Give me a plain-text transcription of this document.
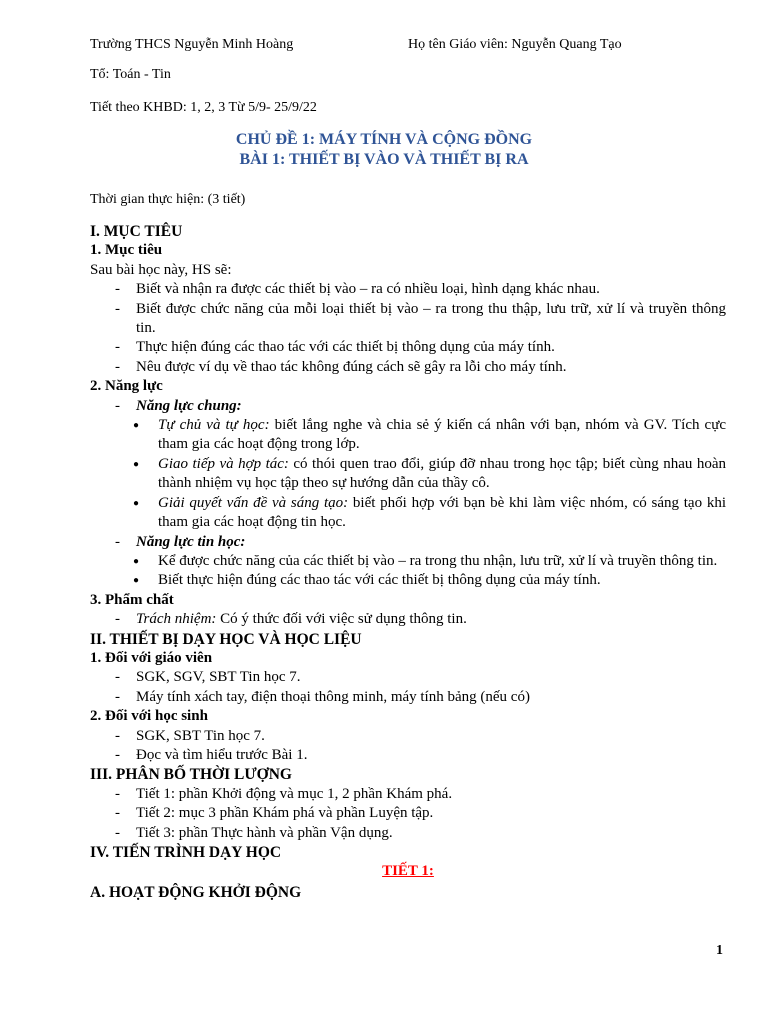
Trường THCS Nguyễn Minh Hoàng	Họ tên Giáo viên: Nguyễn Quang Tạo
Tổ: Toán - Tin
Tiết theo KHBD: 1, 2, 3 Từ 5/9- 25/9/22
CHỦ ĐỀ 1: MÁY TÍNH VÀ CỘNG ĐỒNG
BÀI 1: THIẾT BỊ VÀO VÀ THIẾT BỊ RA
Thời gian thực hiện: (3 tiết)
I. MỤC TIÊU
1. Mục tiêu
Sau bài học này, HS sẽ:
- Biết và nhận ra được các thiết bị vào – ra có nhiều loại, hình dạng khác nhau.
- Biết được chức năng của mỗi loại thiết bị vào – ra trong thu thập, lưu trữ, xử lí và truyền thông tin.
- Thực hiện đúng các thao tác với các thiết bị thông dụng của máy tính.
- Nêu được ví dụ về thao tác không đúng cách sẽ gây ra lỗi cho máy tính.
2. Năng lực
- Năng lực chung:
● Tự chủ và tự học: biết lắng nghe và chia sẻ ý kiến cá nhân với bạn, nhóm và GV. Tích cực tham gia các hoạt động trong lớp.
● Giao tiếp và hợp tác: có thói quen trao đổi, giúp đỡ nhau trong học tập; biết cùng nhau hoàn thành nhiệm vụ học tập theo sự hướng dẫn của thầy cô.
● Giải quyết vấn đề và sáng tạo: biết phối hợp với bạn bè khi làm việc nhóm, có sáng tạo khi tham gia các hoạt động tin học.
- Năng lực tin học:
● Kể được chức năng của các thiết bị vào – ra trong thu nhận, lưu trữ, xử lí và truyền thông tin.
● Biết thực hiện đúng các thao tác với các thiết bị thông dụng của máy tính.
3. Phẩm chất
- Trách nhiệm: Có ý thức đối với việc sử dụng thông tin.
II. THIẾT BỊ DẠY HỌC VÀ HỌC LIỆU
1. Đối với giáo viên
- SGK, SGV, SBT Tin học 7.
- Máy tính xách tay, điện thoại thông minh, máy tính bảng (nếu có)
2. Đối với học sinh
- SGK, SBT Tin học 7.
- Đọc và tìm hiểu trước Bài 1.
III. PHÂN BỐ THỜI LƯỢNG
- Tiết 1: phần Khởi động và mục 1, 2 phần Khám phá.
- Tiết 2: mục 3 phần Khám phá và phần Luyện tập.
- Tiết 3: phần Thực hành và phần Vận dụng.
IV. TIẾN TRÌNH DẠY HỌC
TIẾT 1:
A. HOẠT ĐỘNG KHỞI ĐỘNG
1
